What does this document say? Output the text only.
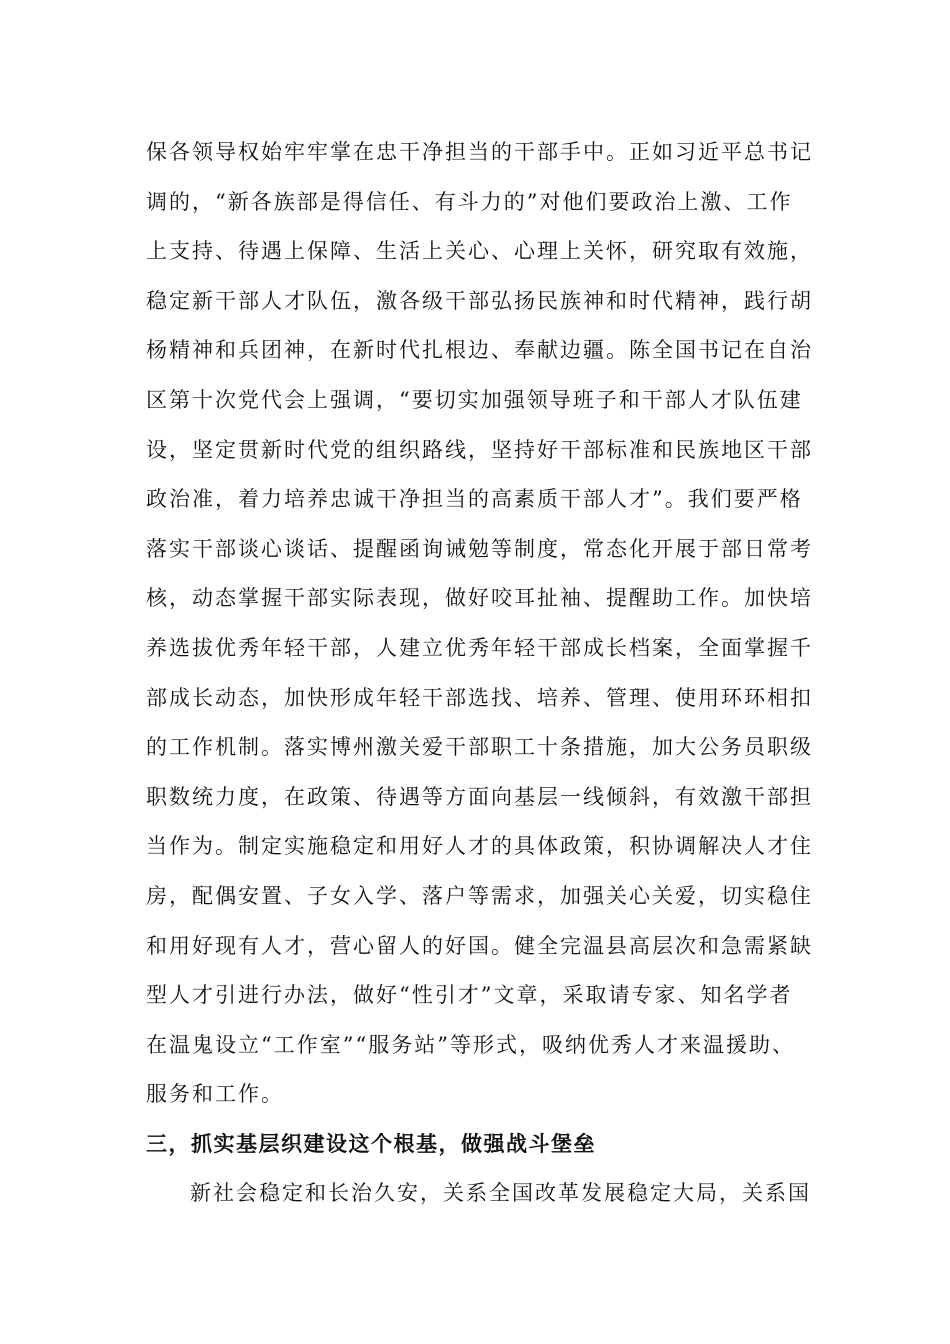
保各领导权始牢牢掌在忠干净担当的干部手中。正如习近平总书记
调的，“新各族部是得信任、有斗力的”对他们要政治上激、工作
上支持、待遇上保障、生活上关心、心理上关怀，研究取有效施，
稳定新干部人才队伍，激各级干部弘扬民族神和时代精神，践行胡
杨精神和兵团神，在新时代扎根边、奉献边疆。陈全国书记在自治
区第十次党代会上强调，“要切实加强领导班子和干部人才队伍建
设，坚定贯新时代党的组织路线，坚持好干部标准和民族地区干部
政治准，着力培养忠诚干净担当的高素质干部人才”。我们要严格
落实干部谈心谈话、提醒函询诫勉等制度，常态化开展于部日常考
核，动态掌握干部实际表现，做好咬耳扯袖、提醒助工作。加快培
养选拔优秀年轻干部，人建立优秀年轻干部成长档案，全面掌握千
部成长动态，加快形成年轻干部选找、培养、管理、使用环环相扣
的工作机制。落实博州激关爱干部职工十条措施，加大公务员职级
职数统力度，在政策、待遇等方面向基层一线倾斜，有效激干部担
当作为。制定实施稳定和用好人才的具体政策，积协调解决人才住
房，配偶安置、子女入学、落户等需求，加强关心关爱，切实稳住
和用好现有人才，营心留人的好国。健全完温县高层次和急需紧缺
型人才引进行办法，做好“性引才”文章，采取请专家、知名学者
在温鬼设立“工作室”“服务站”等形式，吸纳优秀人才来温援助、
服务和工作。
三，抓实基层织建设这个根基，做强战斗堡垒
新社会稳定和长治久安，关系全国改革发展稳定大局，关系国
